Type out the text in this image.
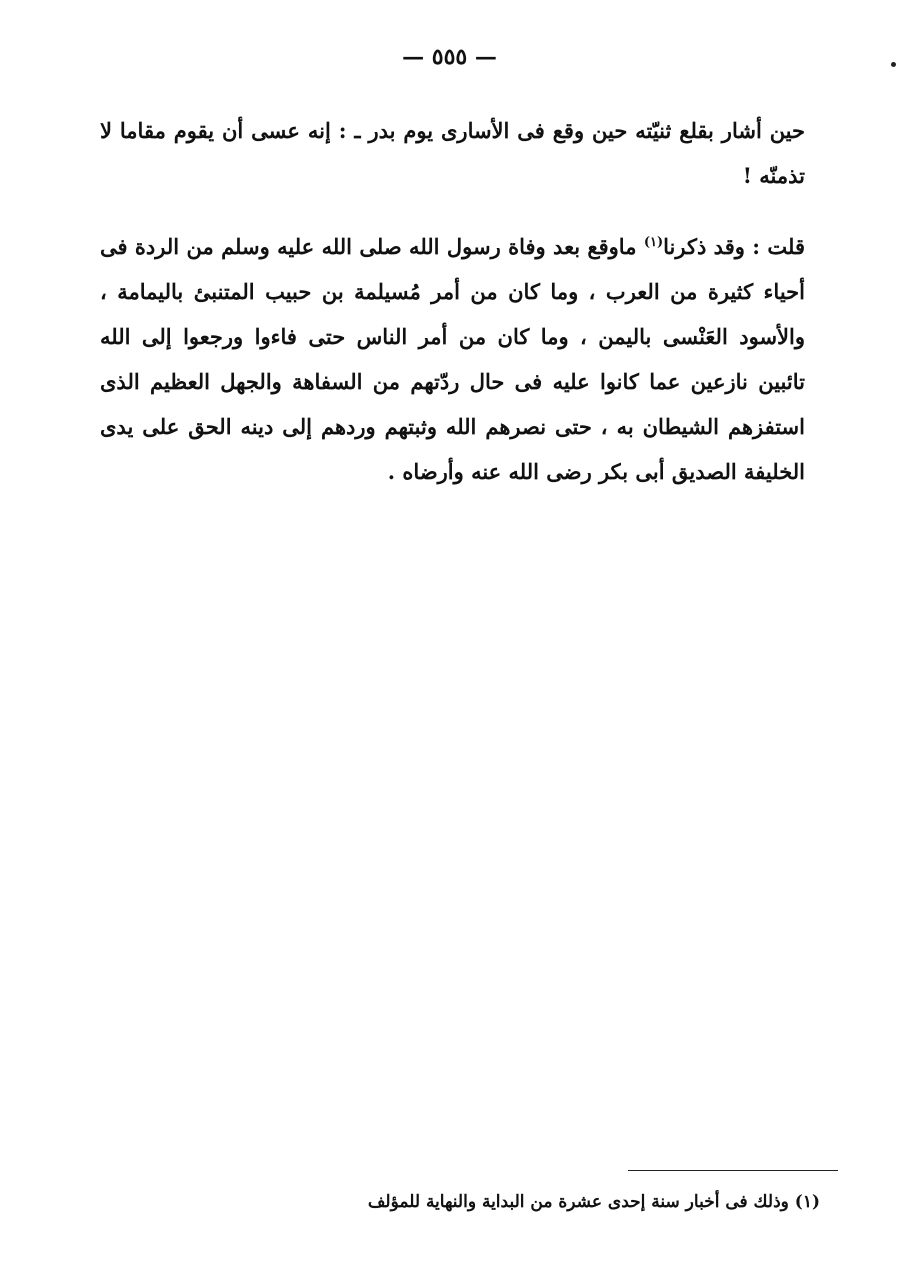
— ٥٥٥ —

حين أشار بقلع ثنيّته حين وقع فى الأسارى يوم بدر ـ : إنه عسى أن يقوم مقاما لا تذمنّه !

قلت : وقد ذكرنا$^{(١)}$ ماوقع بعد وفاة رسول الله صلى الله عليه وسلم من الردة فى أحياء كثيرة من العرب ، وما كان من أمر مُسيلمة بن حبيب المتنبئ باليمامة ، والأسود العَنْسى باليمن ، وما كان من أمر الناس حتى فاءوا ورجعوا إلى الله تائبين نازعين عما كانوا عليه فى حال ردّتهم من السفاهة والجهل العظيم الذى استفزهم الشيطان به ، حتى نصرهم الله وثبتهم وردهم إلى دينه الحق على يدى الخليفة الصديق أبى بكر رضى الله عنه وأرضاه .

(١) وذلك فى أخبار سنة إحدى عشرة من البداية والنهاية للمؤلف
